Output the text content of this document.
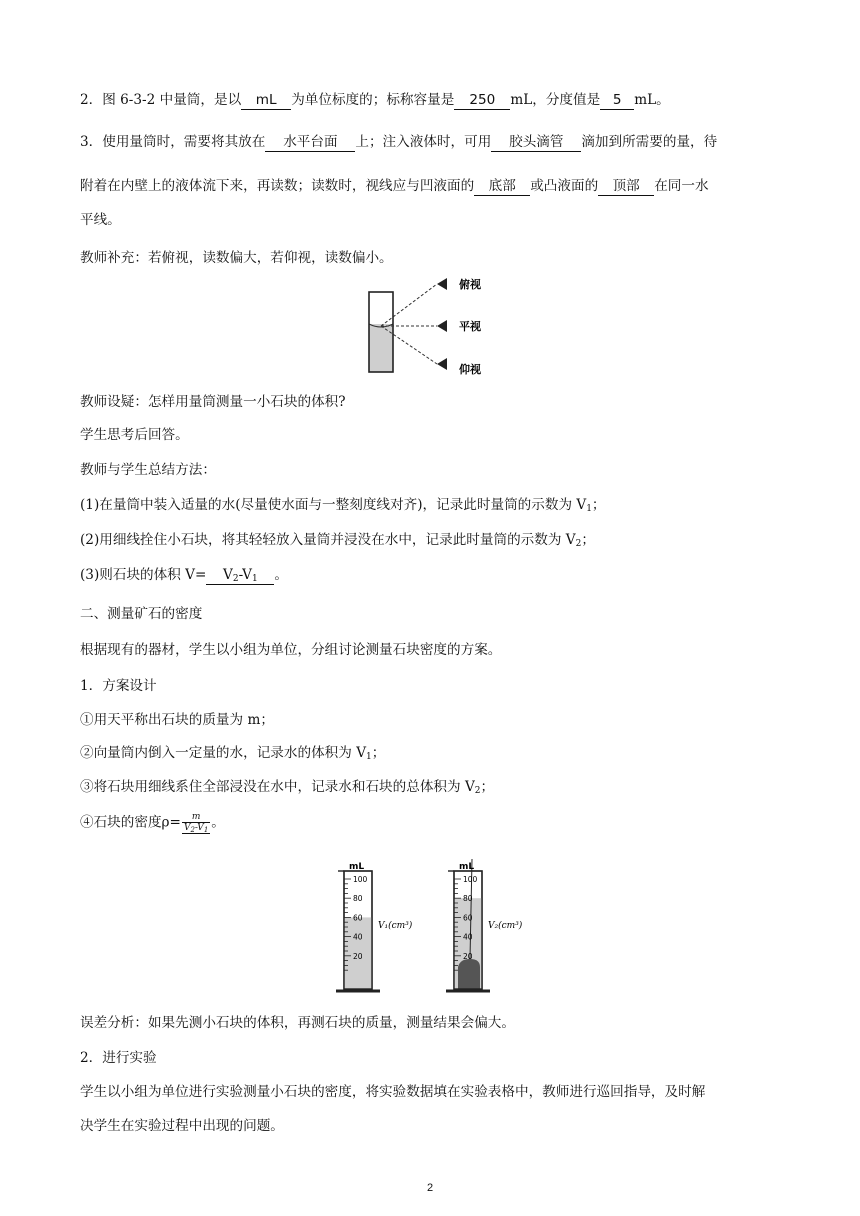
2．图 6-3-2 中量筒，是以 mL 为单位标度的；标称容量是 250 mL，分度值是 5 mL。
3．使用量筒时，需要将其放在 水平台面 上；注入液体时，可用 胶头滴管 滴加到所需要的量，待
附着在内壁上的液体流下来，再读数；读数时，视线应与凹液面的 底部 或凸液面的 顶部 在同一水
平线。
教师补充：若俯视，读数偏大，若仰视，读数偏小。
俯视
平视
仰视
教师设疑：怎样用量筒测量一小石块的体积?
学生思考后回答。
教师与学生总结方法：
(1)在量筒中装入适量的水(尽量使水面与一整刻度线对齐)，记录此时量筒的示数为 $V_1$；
(2)用细线拴住小石块，将其轻轻放入量筒并浸没在水中，记录此时量筒的示数为 $V_2$；
(3)则石块的体积 $V= V_2-V_1$ 。
二、测量矿石的密度
根据现有的器材，学生以小组为单位，分组讨论测量石块密度的方案。
1．方案设计
①用天平称出石块的质量为 m；
②向量筒内倒入一定量的水，记录水的体积为 $V_1$；
③将石块用细线系住全部浸没在水中，记录水和石块的总体积为 $V_2$；
④石块的密度$\rho= \frac{m}{V_2-V_1}$ 。
mL	mL
100
80
60
40
20
100
80
60
40
20
V₁(cm³)	V₂(cm³)
误差分析：如果先测小石块的体积，再测石块的质量，测量结果会偏大。
2．进行实验
学生以小组为单位进行实验测量小石块的密度，将实验数据填在实验表格中，教师进行巡回指导，及时解
决学生在实验过程中出现的问题。
2
